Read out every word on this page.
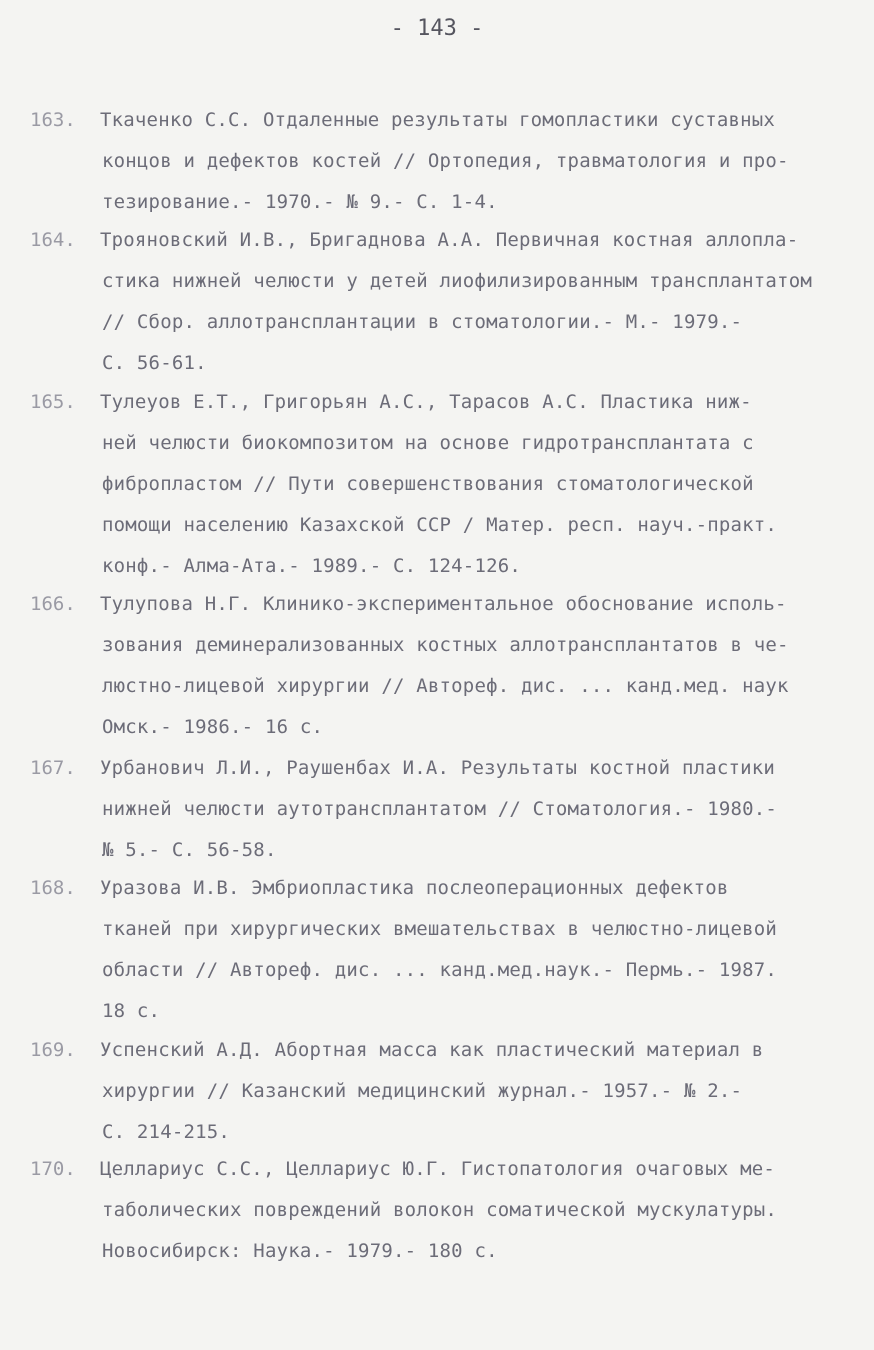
- 143 -
163.	Ткаченко С.С. Отдаленные результаты гомопластики суставных
концов и дефектов костей // Ортопедия, травматология и про-
тезирование.- 1970.- № 9.- С. 1-4.
164.	Трояновский И.В., Бригаднова А.А. Первичная костная аллопла-
стика нижней челюсти у детей лиофилизированным трансплантатом
// Сбор. аллотрансплантации в стоматологии.- М.- 1979.-
С. 56-61.
165.	Тулеуов Е.Т., Григорьян А.С., Тарасов А.С. Пластика ниж-
ней челюсти биокомпозитом на основе гидротрансплантата с
фибропластом // Пути совершенствования стоматологической
помощи населению Казахской ССР / Матер. респ. науч.-практ.
конф.- Алма-Ата.- 1989.- С. 124-126.
166.	Тулупова Н.Г. Клинико-экспериментальное обоснование исполь-
зования деминерализованных костных аллотрансплантатов в че-
люстно-лицевой хирургии // Автореф. дис. ... канд.мед. наук
Омск.- 1986.- 16 с.
167.	Урбанович Л.И., Раушенбах И.А. Результаты костной пластики
нижней челюсти аутотрансплантатом // Стоматология.- 1980.-
№ 5.- С. 56-58.
168.	Уразова И.В. Эмбриопластика послеоперационных дефектов
тканей при хирургических вмешательствах в челюстно-лицевой
области // Автореф. дис. ... канд.мед.наук.- Пермь.- 1987.
18 с.
169.	Успенский А.Д. Абортная масса как пластический материал в
хирургии // Казанский медицинский журнал.- 1957.- № 2.-
С. 214-215.
170.	Целлариус С.С., Целлариус Ю.Г. Гистопатология очаговых ме-
таболических повреждений волокон соматической мускулатуры.
Новосибирск: Наука.- 1979.- 180 с.
